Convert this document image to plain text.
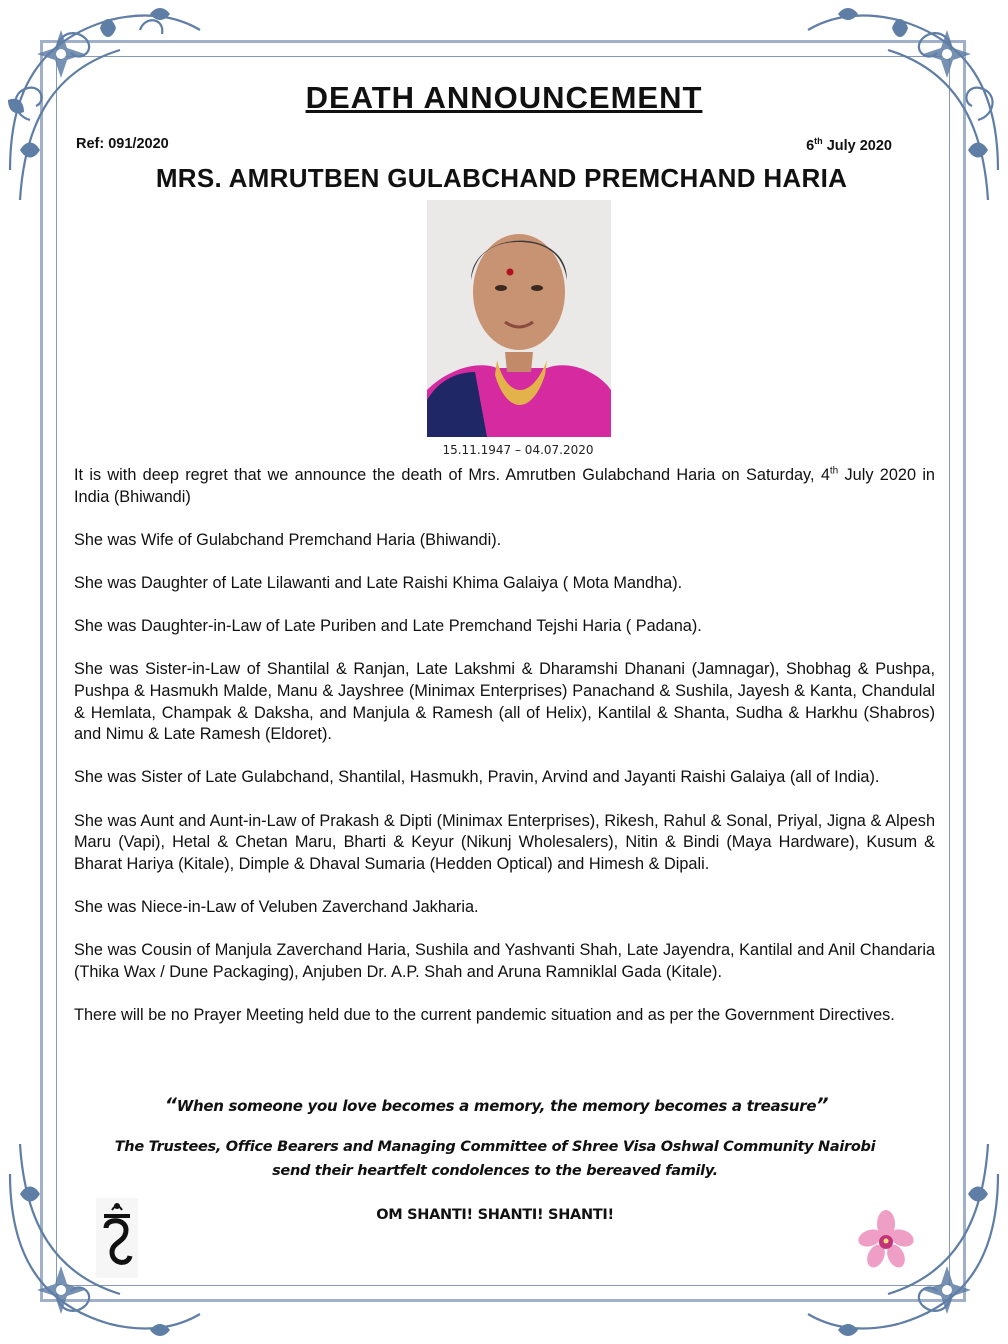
DEATH ANNOUNCEMENT
Ref: 091/2020	6th July 2020
MRS. AMRUTBEN GULABCHAND PREMCHAND HARIA
15.11.1947 – 04.07.2020

It is with deep regret that we announce the death of Mrs. Amrutben Gulabchand Haria on Saturday, 4th July 2020 in India (Bhiwandi)

She was Wife of Gulabchand Premchand Haria (Bhiwandi).

She was Daughter of Late Lilawanti and Late Raishi Khima Galaiya ( Mota Mandha).

She was Daughter-in-Law of Late Puriben and Late Premchand Tejshi Haria ( Padana).

She was Sister-in-Law of Shantilal & Ranjan, Late Lakshmi & Dharamshi Dhanani (Jamnagar), Shobhag & Pushpa, Pushpa & Hasmukh Malde, Manu & Jayshree (Minimax Enterprises) Panachand & Sushila, Jayesh & Kanta, Chandulal & Hemlata, Champak & Daksha, and Manjula & Ramesh (all of Helix), Kantilal & Shanta, Sudha & Harkhu (Shabros) and Nimu & Late Ramesh (Eldoret).

She was Sister of Late Gulabchand, Shantilal, Hasmukh, Pravin, Arvind and Jayanti Raishi Galaiya (all of India).

She was Aunt and Aunt-in-Law of Prakash & Dipti (Minimax Enterprises), Rikesh, Rahul & Sonal, Priyal, Jigna & Alpesh Maru (Vapi), Hetal & Chetan Maru, Bharti & Keyur (Nikunj Wholesalers), Nitin & Bindi (Maya Hardware), Kusum & Bharat Hariya (Kitale), Dimple & Dhaval Sumaria (Hedden Optical) and Himesh & Dipali.

She was Niece-in-Law of Veluben Zaverchand Jakharia.

She was Cousin of Manjula Zaverchand Haria, Sushila and Yashvanti Shah, Late Jayendra, Kantilal and Anil Chandaria (Thika Wax / Dune Packaging), Anjuben Dr. A.P. Shah and Aruna Ramniklal Gada (Kitale).

There will be no Prayer Meeting held due to the current pandemic situation and as per the Government Directives.

“When someone you love becomes a memory, the memory becomes a treasure”
The Trustees, Office Bearers and Managing Committee of Shree Visa Oshwal Community Nairobi
send their heartfelt condolences to the bereaved family.
OM SHANTI! SHANTI! SHANTI!
